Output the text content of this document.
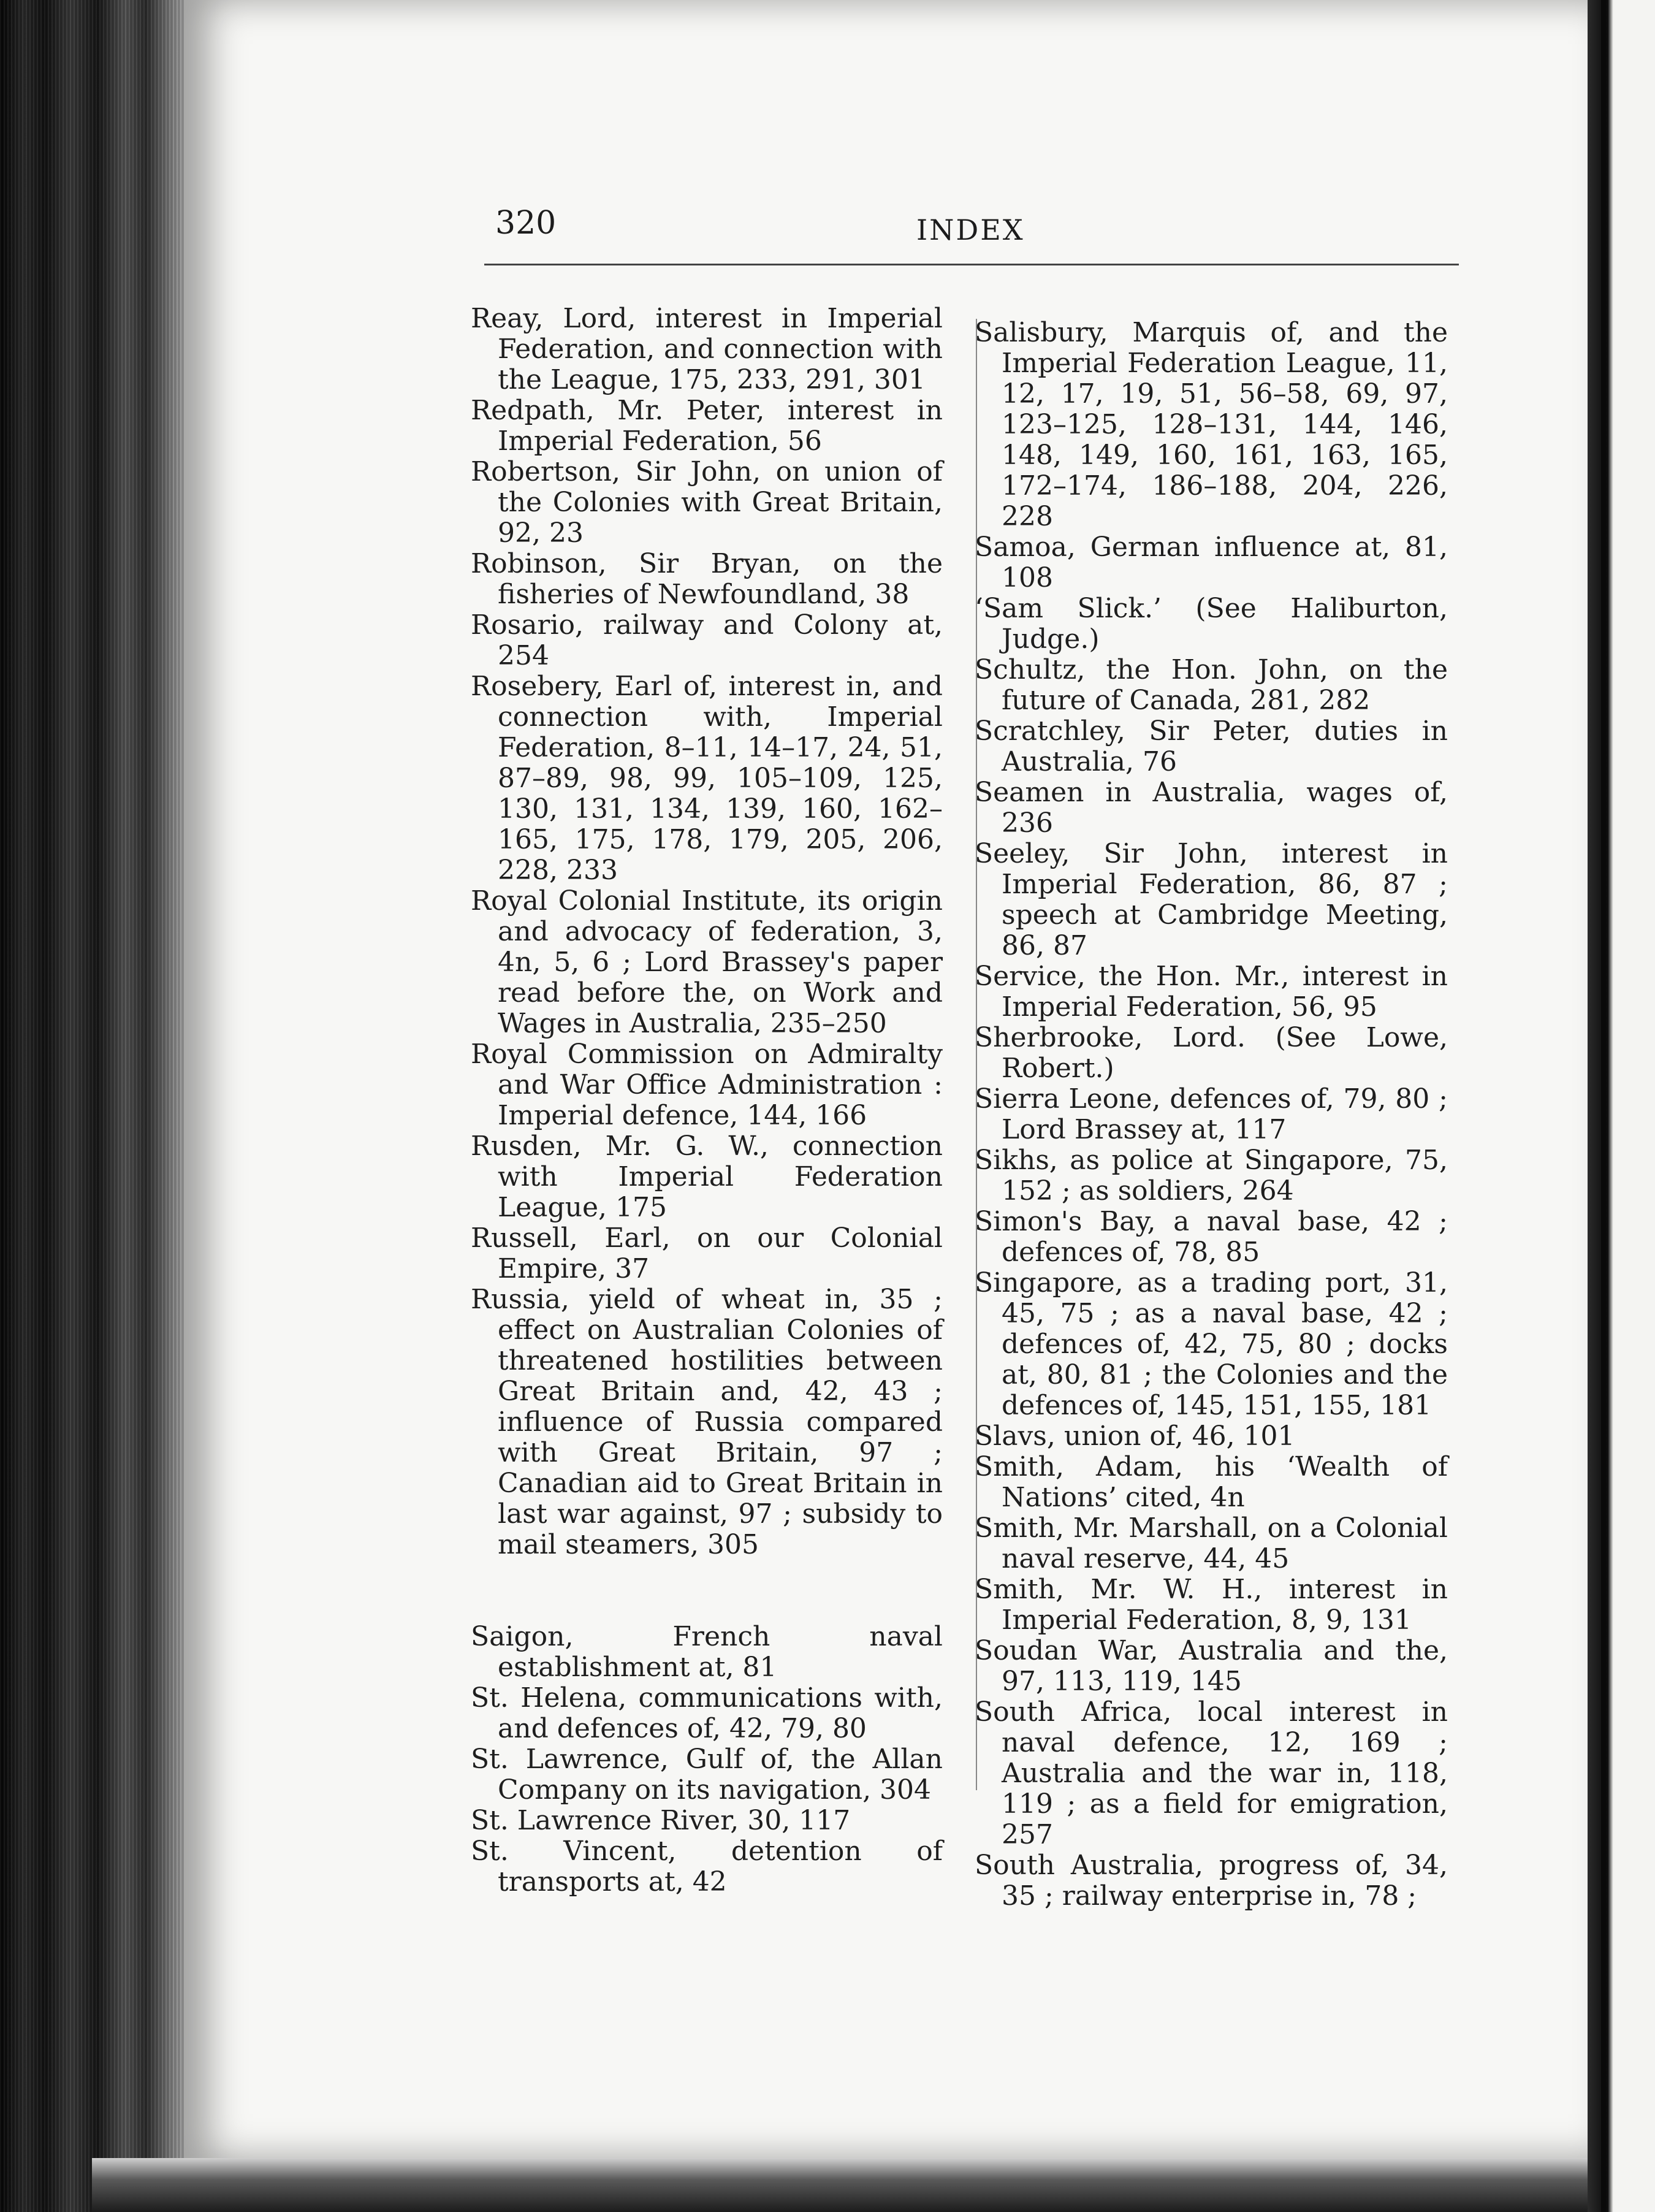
320	INDEX

Reay, Lord, interest in Imperial Federation, and connection with the League, 175, 233, 291, 301

Redpath, Mr. Peter, interest in Imperial Federation, 56

Robertson, Sir John, on union of the Colonies with Great Britain, 92, 23

Robinson, Sir Bryan, on the fisheries of Newfoundland, 38

Rosario, railway and Colony at, 254

Rosebery, Earl of, interest in, and connection with, Imperial Federation, 8–11, 14–17, 24, 51, 87–89, 98, 99, 105–109, 125, 130, 131, 134, 139, 160, 162–165, 175, 178, 179, 205, 206, 228, 233

Royal Colonial Institute, its origin and advocacy of federation, 3, 4n, 5, 6 ; Lord Brassey's paper read before the, on Work and Wages in Australia, 235–250

Royal Commission on Admiralty and War Office Administration : Imperial defence, 144, 166

Rusden, Mr. G. W., connection with Imperial Federation League, 175

Russell, Earl, on our Colonial Empire, 37

Russia, yield of wheat in, 35 ; effect on Australian Colonies of threatened hostilities between Great Britain and, 42, 43 ; influence of Russia compared with Great Britain, 97 ; Canadian aid to Great Britain in last war against, 97 ; subsidy to mail steamers, 305

Saigon, French naval establishment at, 81

St. Helena, communications with, and defences of, 42, 79, 80

St. Lawrence, Gulf of, the Allan Company on its navigation, 304

St. Lawrence River, 30, 117

St. Vincent, detention of transports at, 42

Salisbury, Marquis of, and the Imperial Federation League, 11, 12, 17, 19, 51, 56–58, 69, 97, 123–125, 128–131, 144, 146, 148, 149, 160, 161, 163, 165, 172–174, 186–188, 204, 226, 228

Samoa, German influence at, 81, 108

‘Sam Slick.’ (See Haliburton, Judge.)

Schultz, the Hon. John, on the future of Canada, 281, 282

Scratchley, Sir Peter, duties in Australia, 76

Seamen in Australia, wages of, 236

Seeley, Sir John, interest in Imperial Federation, 86, 87 ; speech at Cambridge Meeting, 86, 87

Service, the Hon. Mr., interest in Imperial Federation, 56, 95

Sherbrooke, Lord. (See Lowe, Robert.)

Sierra Leone, defences of, 79, 80 ; Lord Brassey at, 117

Sikhs, as police at Singapore, 75, 152 ; as soldiers, 264

Simon's Bay, a naval base, 42 ; defences of, 78, 85

Singapore, as a trading port, 31, 45, 75 ; as a naval base, 42 ; defences of, 42, 75, 80 ; docks at, 80, 81 ; the Colonies and the defences of, 145, 151, 155, 181

Slavs, union of, 46, 101

Smith, Adam, his ‘Wealth of Nations’ cited, 4n

Smith, Mr. Marshall, on a Colonial naval reserve, 44, 45

Smith, Mr. W. H., interest in Imperial Federation, 8, 9, 131

Soudan War, Australia and the, 97, 113, 119, 145

South Africa, local interest in naval defence, 12, 169 ; Australia and the war in, 118, 119 ; as a field for emigration, 257

South Australia, progress of, 34, 35 ; railway enterprise in, 78 ;
